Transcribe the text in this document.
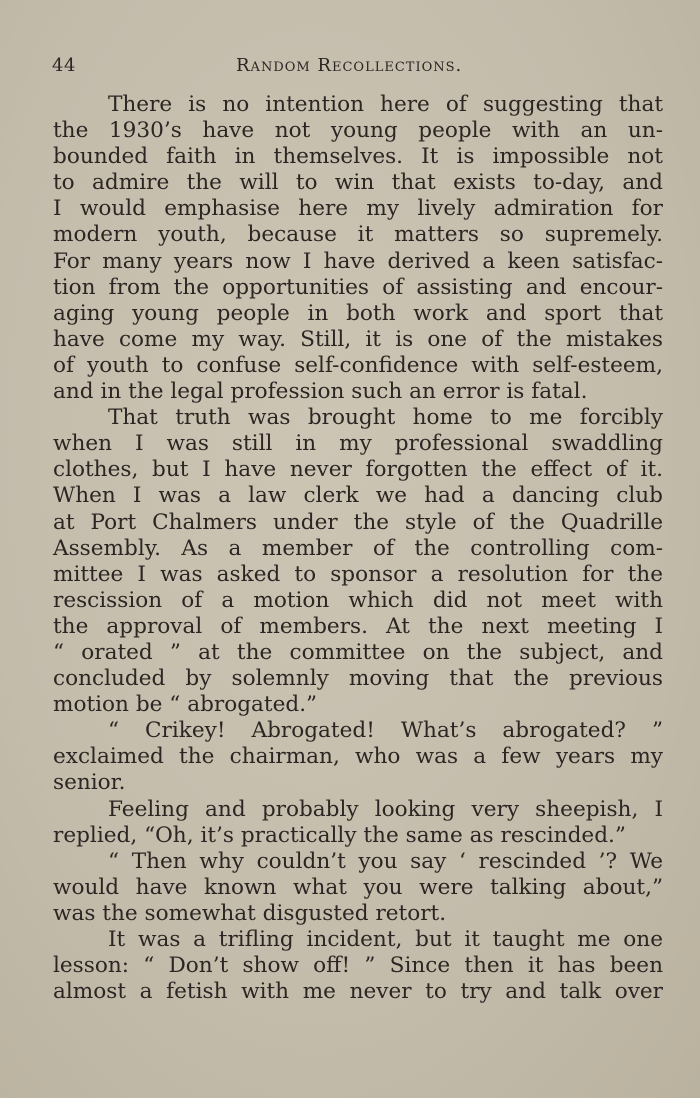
44	Random Recollections.
There is no intention here of suggesting that
the 1930’s have not young people with an un-
bounded faith in themselves. It is impossible not
to admire the will to win that exists to-day, and
I would emphasise here my lively admiration for
modern youth, because it matters so supremely.
For many years now I have derived a keen satisfac-
tion from the opportunities of assisting and encour-
aging young people in both work and sport that
have come my way. Still, it is one of the mistakes
of youth to confuse self-confidence with self-esteem,
and in the legal profession such an error is fatal.
That truth was brought home to me forcibly
when I was still in my professional swaddling
clothes, but I have never forgotten the effect of it.
When I was a law clerk we had a dancing club
at Port Chalmers under the style of the Quadrille
Assembly. As a member of the controlling com-
mittee I was asked to sponsor a resolution for the
rescission of a motion which did not meet with
the approval of members. At the next meeting I
“ orated ” at the committee on the subject, and
concluded by solemnly moving that the previous
motion be “ abrogated.”
“ Crikey! Abrogated! What’s abrogated? ”
exclaimed the chairman, who was a few years my
senior.
Feeling and probably looking very sheepish, I
replied, “Oh, it’s practically the same as rescinded.”
“ Then why couldn’t you say ‘ rescinded ’? We
would have known what you were talking about,”
was the somewhat disgusted retort.
It was a trifling incident, but it taught me one
lesson: “ Don’t show off! ” Since then it has been
almost a fetish with me never to try and talk over
